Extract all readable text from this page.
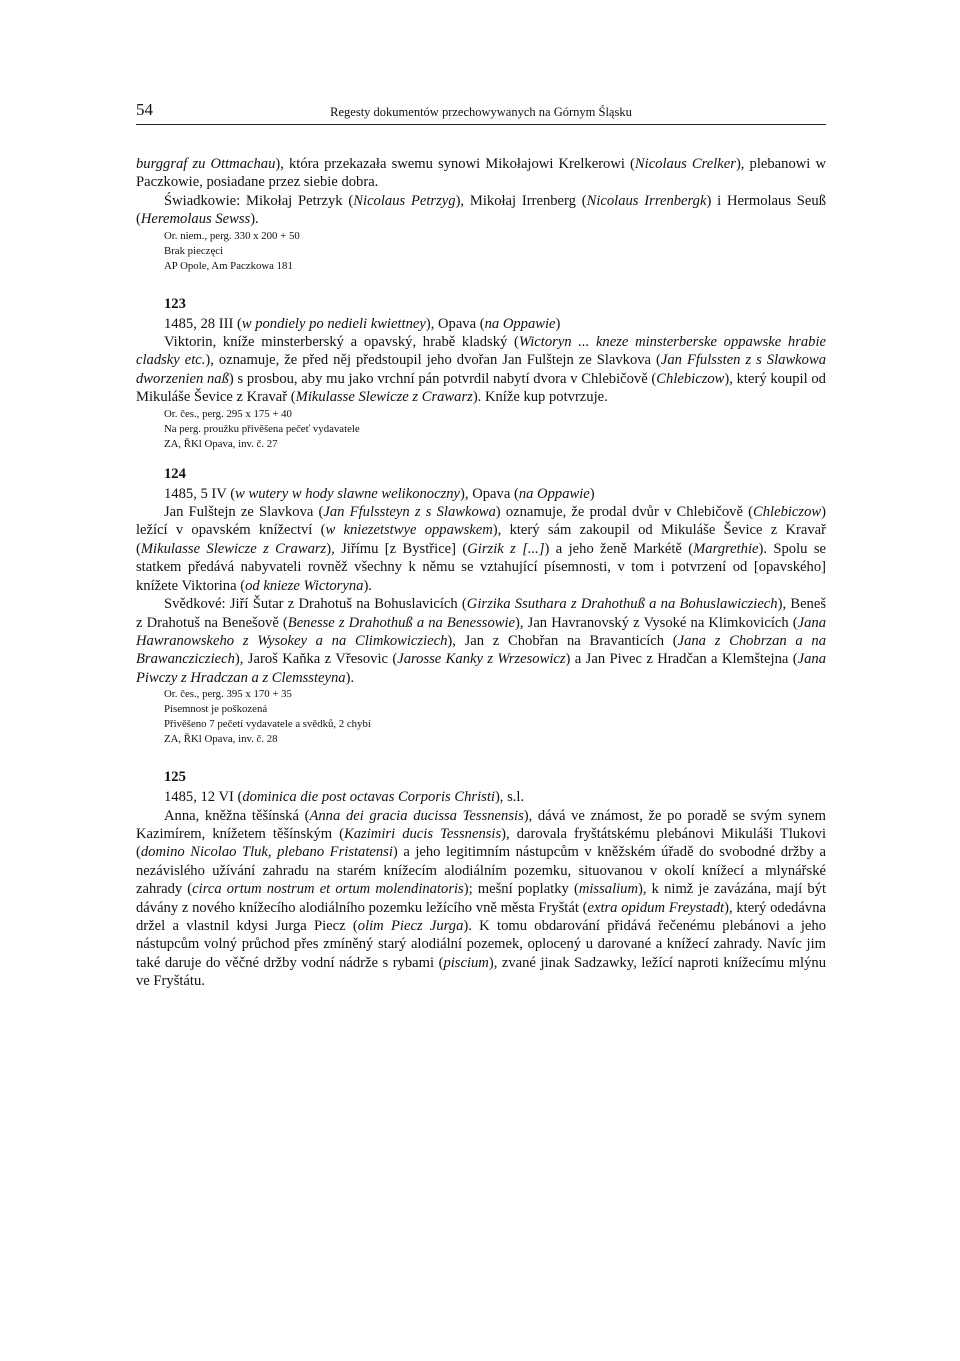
54	Regesty dokumentów przechowywanych na Górnym Śląsku

burggraf zu Ottmachau), która przekazała swemu synowi Mikołajowi Krelkerowi (Nicolaus Crelker), plebanowi w Paczkowie, posiadane przez siebie dobra.

Świadkowie: Mikołaj Petrzyk (Nicolaus Petrzyg), Mikołaj Irrenberg (Nicolaus Irrenbergk) i Hermolaus Seuß (Heremolaus Sewss).

Or. niem., perg. 330 x 200 + 50
Brak pieczęci
AP Opole, Am Paczkowa 181
123
1485, 28 III (w pondiely po nedieli kwiettney), Opava (na Oppawie)

Viktorin, kníže minsterberský a opavský, hrabě kladský (Wictoryn ... kneze minsterberske oppawske hrabie cladsky etc.), oznamuje, že před něj předstoupil jeho dvořan Jan Fulštejn ze Slavkova (Jan Ffulssten z s Slawkowa dworzenien naß) s prosbou, aby mu jako vrchní pán potvrdil nabytí dvora v Chlebičově (Chlebiczow), který koupil od Mikuláše Ševice z Kravař (Mikulasse Slewicze z Crawarz). Kníže kup potvrzuje.

Or. čes., perg. 295 x 175 + 40
Na perg. proužku přivěšena pečeť vydavatele
ZA, ŘKl Opava, inv. č. 27
124
1485, 5 IV (w wutery w hody slawne welikonoczny), Opava (na Oppawie)

Jan Fulštejn ze Slavkova (Jan Ffulssteyn z s Slawkowa) oznamuje, že prodal dvůr v Chlebičově (Chlebiczow) ležící v opavském knížectví (w kniezetstwye oppawskem), který sám zakoupil od Mikuláše Ševice z Kravař (Mikulasse Slewicze z Crawarz), Jiřímu [z Bystřice] (Girzik z [...]) a jeho ženě Markétě (Margrethie). Spolu se statkem předává nabyvateli rovněž všechny k němu se vztahující písemnosti, v tom i potvrzení od [opavského] knížete Viktorina (od knieze Wictoryna).

Svědkové: Jiří Šutar z Drahotuš na Bohuslavicích (Girzika Ssuthara z Drahothuß a na Bohuslawicziech), Beneš z Drahotuš na Benešově (Benesse z Drahothuß a na Benessowie), Jan Havranovský z Vysoké na Klimkovicích (Jana Hawranowskeho z Wysokey a na Climkowicziech), Jan z Chobřan na Bravanticích (Jana z Chobrzan a na Brawanczicziech), Jaroš Kaňka z Vřesovic (Jarosse Kanky z Wrzesowicz) a Jan Pivec z Hradčan a Klemštejna (Jana Piwczy z Hradczan a z Clemssteyna).

Or. čes., perg. 395 x 170 + 35
Písemnost je poškozená
Přivěšeno 7 pečetí vydavatele a svědků, 2 chybí
ZA, ŘKl Opava, inv. č. 28
125
1485, 12 VI (dominica die post octavas Corporis Christi), s.l.

Anna, kněžna těšínská (Anna dei gracia ducissa Tessnensis), dává ve známost, že po poradě se svým synem Kazimírem, knížetem těšínským (Kazimiri ducis Tessnensis), darovala fryštátskému plebánovi Mikuláši Tlukovi (domino Nicolao Tluk, plebano Fristatensi) a jeho legitimním nástupcům v kněžském úřadě do svobodné držby a nezávislého užívání zahradu na starém knížecím alodiálním pozemku, situovanou v okolí knížecí a mlynářské zahrady (circa ortum nostrum et ortum molendinatoris); mešní poplatky (missalium), k nimž je zavázána, mají být dávány z nového knížecího alodiálního pozemku ležícího vně města Fryštát (extra opidum Freystadt), který odedávna držel a vlastnil kdysi Jurga Piecz (olim Piecz Jurga). K tomu obdarování přidává řečenému plebánovi a jeho nástupcům volný průchod přes zmíněný starý alodiální pozemek, oplocený u darované a knížecí zahrady. Navíc jim také daruje do věčné držby vodní nádrže s rybami (piscium), zvané jinak Sadzawky, ležící naproti knížecímu mlýnu ve Fryštátu.
